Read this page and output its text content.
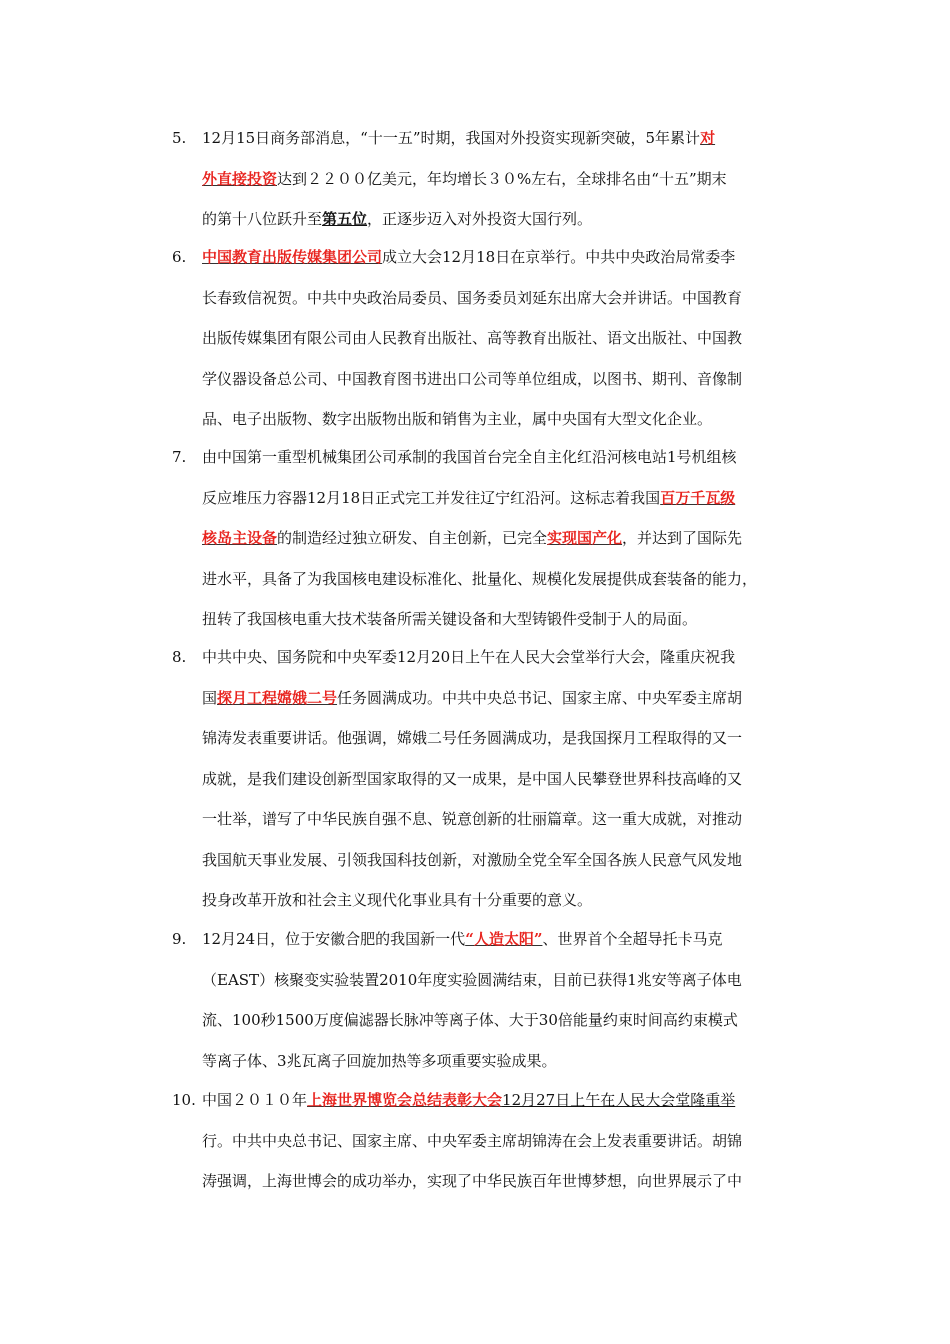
5.	12月15日商务部消息，“十一五”时期，我国对外投资实现新突破，5年累计对
外直接投资达到２２００亿美元，年均增长３０%左右，全球排名由“十五”期末
的第十八位跃升至第五位，正逐步迈入对外投资大国行列。
6.	中国教育出版传媒集团公司成立大会12月18日在京举行。中共中央政治局常委李
长春致信祝贺。中共中央政治局委员、国务委员刘延东出席大会并讲话。中国教育
出版传媒集团有限公司由人民教育出版社、高等教育出版社、语文出版社、中国教
学仪器设备总公司、中国教育图书进出口公司等单位组成，以图书、期刊、音像制
品、电子出版物、数字出版物出版和销售为主业，属中央国有大型文化企业。
7.	由中国第一重型机械集团公司承制的我国首台完全自主化红沿河核电站1号机组核
反应堆压力容器12月18日正式完工并发往辽宁红沿河。这标志着我国百万千瓦级
核岛主设备的制造经过独立研发、自主创新，已完全实现国产化，并达到了国际先
进水平，具备了为我国核电建设标准化、批量化、规模化发展提供成套装备的能力，
扭转了我国核电重大技术装备所需关键设备和大型铸锻件受制于人的局面。
8.	中共中央、国务院和中央军委12月20日上午在人民大会堂举行大会，隆重庆祝我
国探月工程嫦娥二号任务圆满成功。中共中央总书记、国家主席、中央军委主席胡
锦涛发表重要讲话。他强调，嫦娥二号任务圆满成功，是我国探月工程取得的又一
成就，是我们建设创新型国家取得的又一成果，是中国人民攀登世界科技高峰的又
一壮举，谱写了中华民族自强不息、锐意创新的壮丽篇章。这一重大成就，对推动
我国航天事业发展、引领我国科技创新，对激励全党全军全国各族人民意气风发地
投身改革开放和社会主义现代化事业具有十分重要的意义。
9.	12月24日，位于安徽合肥的我国新一代“人造太阳”、世界首个全超导托卡马克
（EAST）核聚变实验装置2010年度实验圆满结束，目前已获得1兆安等离子体电
流、100秒1500万度偏滤器长脉冲等离子体、大于30倍能量约束时间高约束模式
等离子体、3兆瓦离子回旋加热等多项重要实验成果。
10. 中国２０１０年上海世界博览会总结表彰大会12月27日上午在人民大会堂隆重举
行。中共中央总书记、国家主席、中央军委主席胡锦涛在会上发表重要讲话。胡锦
涛强调，上海世博会的成功举办，实现了中华民族百年世博梦想，向世界展示了中
